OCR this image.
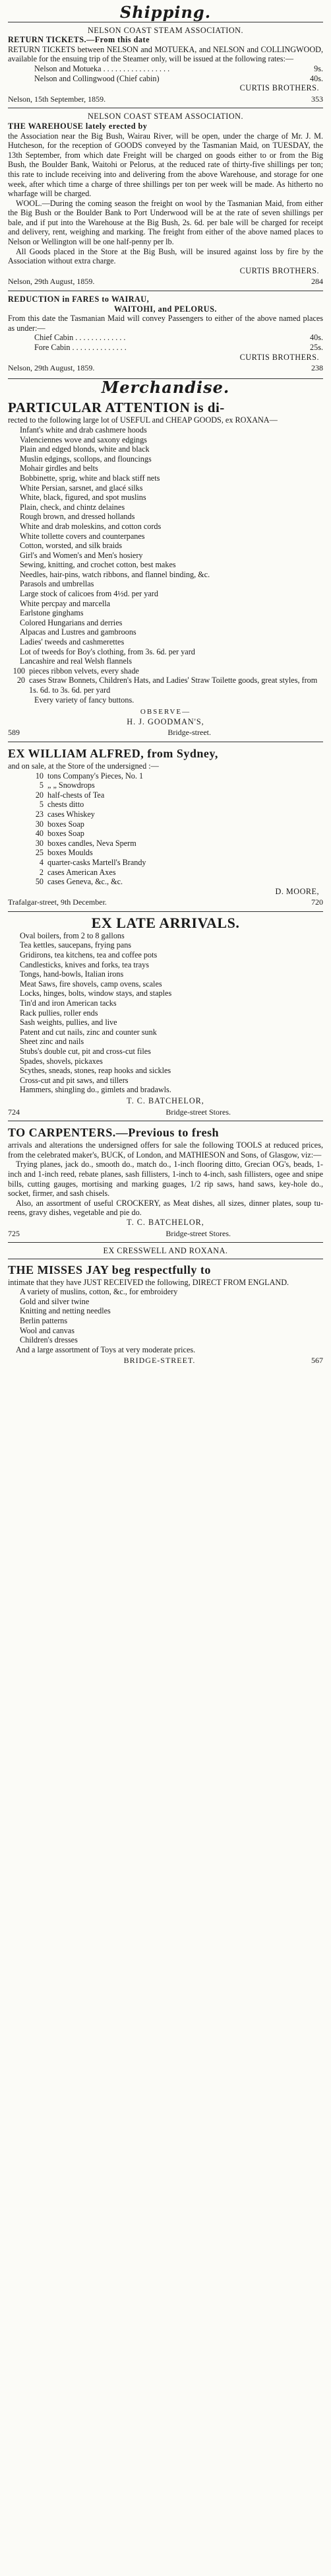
Shipping.
NELSON COAST STEAM ASSOCIATION.
RETURN TICKETS.—From this date

RETURN TICKETS between NELSON and MOTUEKA, and NELSON and COLLINGWOOD, available for the ensuing trip of the Steamer only, will be issued at the following rates:—

Nelson and Motueka . . . . . . . . . . . . . . . . .	9s.
Nelson and Collingwood (Chief cabin)	40s.
CURTIS BROTHERS.
Nelson, 15th September, 1859.	353
NELSON COAST STEAM ASSOCIATION.
THE WAREHOUSE lately erected by

the Association near the Big Bush, Wairau River, will be open, under the charge of Mr. J. M. Hutcheson, for the reception of GOODS conveyed by the Tasmanian Maid, on TUESDAY, the 13th September, from which date Freight will be charged on goods either to or from the Big Bush, the Boulder Bank, Waitohi or Pelorus, at the reduced rate of thirty-five shillings per ton; this rate to include receiving into and delivering from the above Warehouse, and storage for one week, after which time a charge of three shillings per ton per week will be made. As hitherto no wharfage will be charged.

WOOL.—During the coming season the freight on wool by the Tasmanian Maid, from either the Big Bush or the Boulder Bank to Port Underwood will be at the rate of seven shillings per bale, and if put into the Warehouse at the Big Bush, 2s. 6d. per bale will be charged for receipt and delivery, rent, weighing and marking. The freight from either of the above named places to Nelson or Wellington will be one half-penny per lb.

All Goods placed in the Store at the Big Bush, will be insured against loss by fire by the Association without extra charge.

CURTIS BROTHERS.
Nelson, 29th August, 1859.	284
REDUCTION in FARES to WAIRAU,
WAITOHI, and PELORUS.

From this date the Tasmanian Maid will convey Passengers to either of the above named places as under:—

Chief Cabin . . . . . . . . . . . . .	40s.
Fore Cabin . . . . . . . . . . . . . .	25s.
CURTIS BROTHERS.
Nelson, 29th August, 1859.	238
Merchandise.
PARTICULAR ATTENTION is di-

rected to the following large lot of USEFUL and CHEAP GOODS, ex ROXANA—

Infant's white and drab cashmere hoods

Valenciennes wove and saxony edgings

Plain and edged blonds, white and black

Muslin edgings, scollops, and flouncings

Mohair girdles and belts

Bobbinette, sprig, white and black stiff nets

White Persian, sarsnet, and glacé silks

White, black, figured, and spot muslins

Plain, check, and chintz delaines

Rough brown, and dressed hollands

White and drab moleskins, and cotton cords

White tollette covers and counterpanes

Cotton, worsted, and silk braids

Girl's and Women's and Men's hosiery

Sewing, knitting, and crochet cotton, best makes

Needles, hair-pins, watch ribbons, and flannel binding, &c.

Parasols and umbrellas

Large stock of calicoes from 4½d. per yard

White percpay and marcella

Earlstone ginghams

Colored Hungarians and derries

Alpacas and Lustres and gambroons

Ladies' tweeds and cashmerettes

Lot of tweeds for Boy's clothing, from 3s. 6d. per yard

Lancashire and real Welsh flannels

100 pieces ribbon velvets, every shade
20 cases Straw Bonnets, Children's Hats, and Ladies' Straw Toilette goods, great styles, from 1s. 6d. to 3s. 6d. per yard
Every variety of fancy buttons.
OBSERVE—
H. J. GOODMAN'S,
589	Bridge-street.
EX WILLIAM ALFRED, from Sydney,

and on sale, at the Store of the undersigned :—

10 tons Company's Pieces, No. 1
5 „ „ Snowdrops
20 half-chests of Tea
5 chests ditto
23 cases Whiskey
30 boxes Soap
40 boxes Soap
30 boxes candles, Neva Sperm
25 boxes Moulds
4 quarter-casks Martell's Brandy
2 cases American Axes
50 cases Geneva, &c., &c.
D. MOORE,
Trafalgar-street, 9th December.	720
EX LATE ARRIVALS.

Oval boilers, from 2 to 8 gallons

Tea kettles, saucepans, frying pans

Gridirons, tea kitchens, tea and coffee pots

Candlesticks, knives and forks, tea trays

Tongs, hand-bowls, Italian irons

Meat Saws, fire shovels, camp ovens, scales

Locks, hinges, bolts, window stays, and staples

Tin'd and iron American tacks

Rack pullies, roller ends

Sash weights, pullies, and live

Patent and cut nails, zinc and counter sunk

Sheet zinc and nails

Stubs's double cut, pit and cross-cut files

Spades, shovels, pickaxes

Scythes, sneads, stones, reap hooks and sickles

Cross-cut and pit saws, and tillers

Hammers, shingling do., gimlets and bradawls.

T. C. BATCHELOR,
724	Bridge-street Stores.
TO CARPENTERS.—Previous to fresh

arrivals and alterations the undersigned offers for sale the following TOOLS at reduced prices, from the celebrated maker's, BUCK, of London, and MATHIESON and Sons, of Glasgow, viz:—

Trying planes, jack do., smooth do., match do., 1-inch flooring ditto, Grecian OG's, beads, 1-inch and 1-inch reed, rebate planes, sash fillisters, 1-inch to 4-inch, sash fillisters, ogee and snipe bills, cutting gauges, mortising and marking guages, 1/2 rip saws, hand saws, key-hole do., socket, firmer, and sash chisels.

Also, an assortment of useful CROCKERY, as Meat dishes, all sizes, dinner plates, soup tu-reens, gravy dishes, vegetable and pie do.

T. C. BATCHELOR,
725	Bridge-street Stores.
EX CRESSWELL AND ROXANA.
THE MISSES JAY beg respectfully to

intimate that they have JUST RECEIVED the following, DIRECT FROM ENGLAND.

A variety of muslins, cotton, &c., for embroidery

Gold and silver twine

Knitting and netting needles

Berlin patterns

Wool and canvas

Children's dresses

And a large assortment of Toys at very moderate prices.

BRIDGE-STREET.	567
